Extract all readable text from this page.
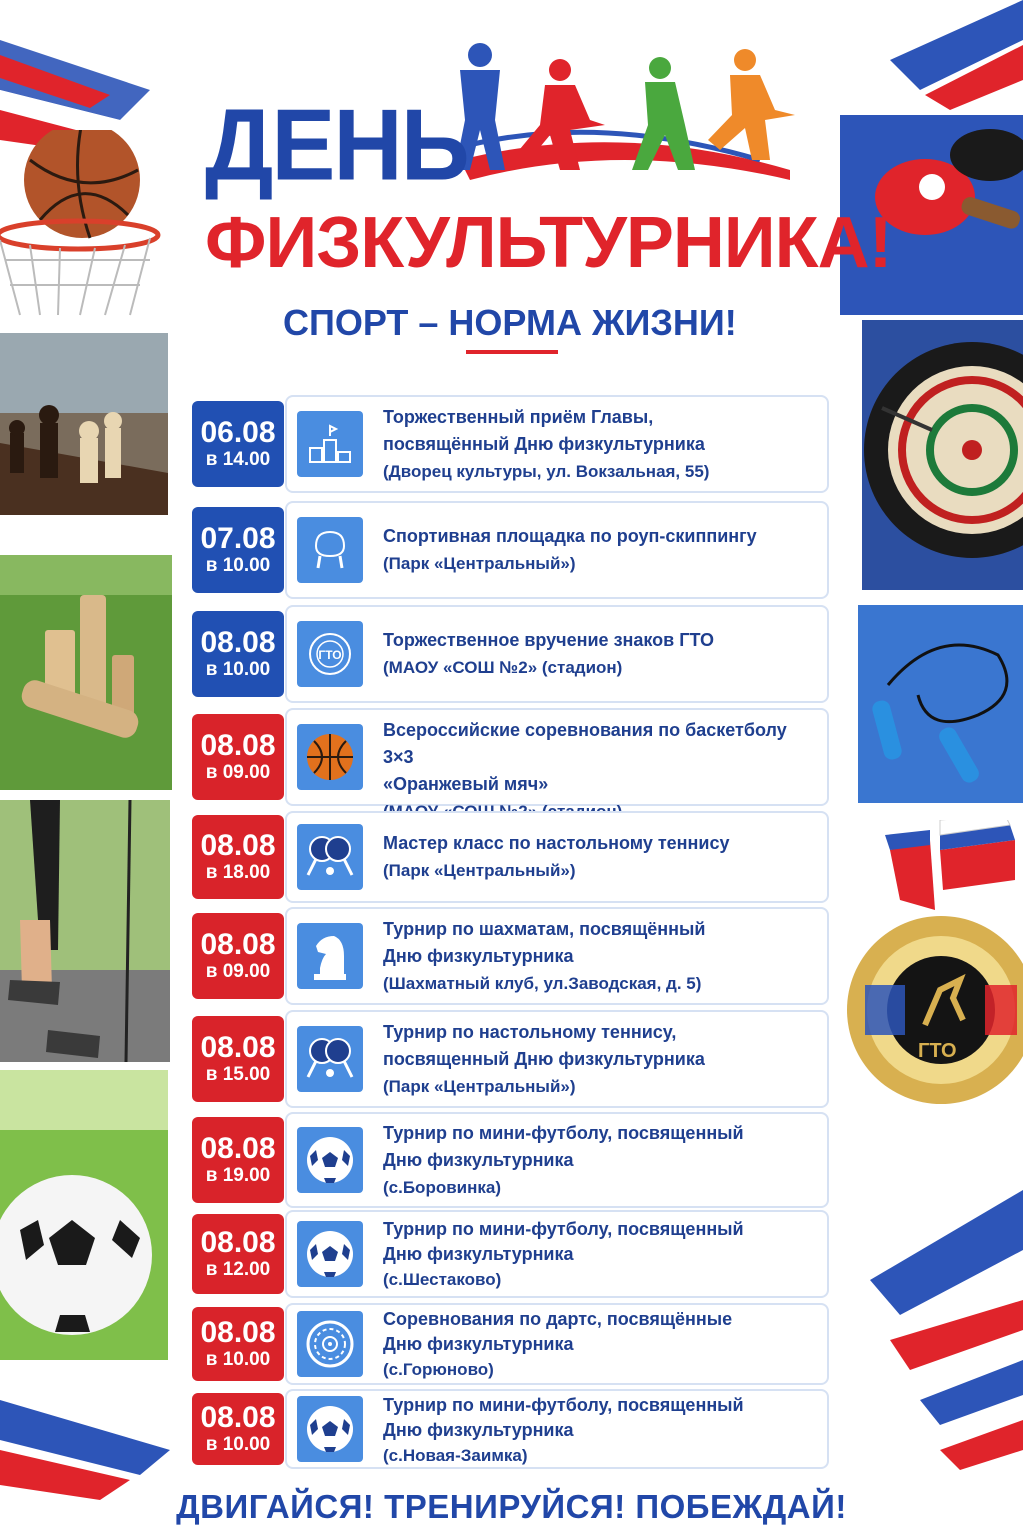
ГТО
ДЕНЬ
ФИЗКУЛЬТУРНИКА!
СПОРТ – НОРМА ЖИЗНИ!
06.08
в 14.00
Торжественный приём Главы,
посвящённый Дню физкультурника
(Дворец культуры, ул. Вокзальная, 55)
07.08
в 10.00
Спортивная площадка по роуп-скиппингу
(Парк «Центральный»)
08.08
в 10.00
ГТО
Торжественное вручение знаков ГТО
(МАОУ «СОШ №2» (стадион)
08.08
в 09.00
Всероссийские соревнования по баскетболу 3×3
«Оранжевый мяч»
08.08
в 18.00
Мастер класс по настольному теннису
(Парк «Центральный»)
08.08
в 09.00
Турнир по шахматам, посвящённый
Дню физкультурника
(Шахматный клуб, ул.Заводская, д. 5)
08.08
в 15.00
Турнир по настольному теннису,
посвященный Дню физкультурника
(Парк «Центральный»)
08.08
в 19.00
Турнир по мини-футболу, посвященный
Дню физкультурника
(с.Боровинка)
08.08
в 12.00
Турнир по мини-футболу, посвященный
Дню физкультурника
(с.Шестаково)
08.08
в 10.00
Соревнования по дартс, посвящённые
Дню физкультурника
(с.Горюново)
08.08
в 10.00
Турнир по мини-футболу, посвященный
Дню физкультурника
(с.Новая-Заимка)
ДВИГАЙСЯ! ТРЕНИРУЙСЯ! ПОБЕЖДАЙ!
